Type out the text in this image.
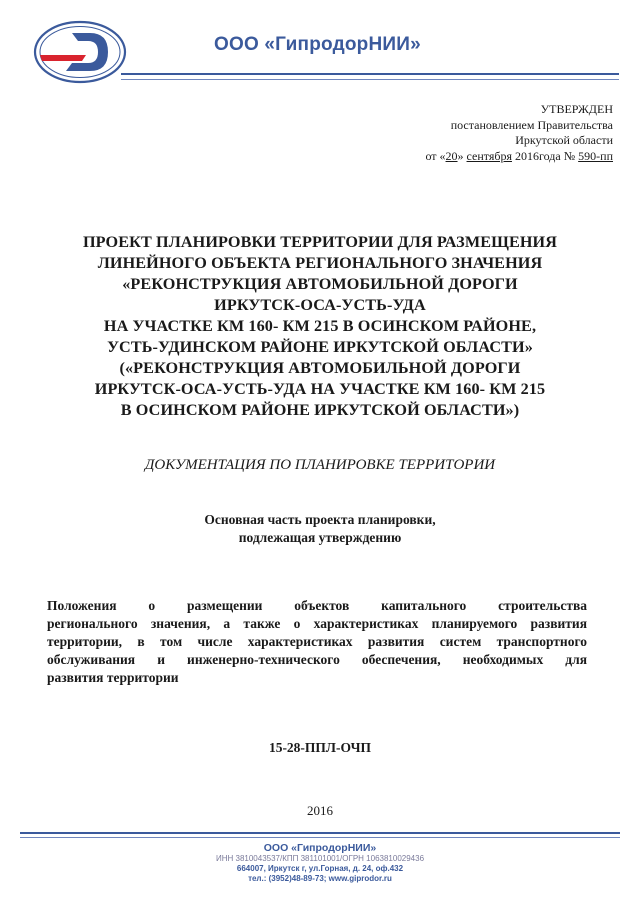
ООО «ГипродорНИИ»
УТВЕРЖДЕН
постановлением Правительства
Иркутской области
от «20» сентября 2016года № 590-пп
ПРОЕКТ ПЛАНИРОВКИ ТЕРРИТОРИИ ДЛЯ РАЗМЕЩЕНИЯ
ЛИНЕЙНОГО ОБЪЕКТА РЕГИОНАЛЬНОГО ЗНАЧЕНИЯ
«РЕКОНСТРУКЦИЯ АВТОМОБИЛЬНОЙ ДОРОГИ
ИРКУТСК-ОСА-УСТЬ-УДА
НА УЧАСТКЕ КМ 160- КМ 215 В ОСИНСКОМ РАЙОНЕ,
УСТЬ-УДИНСКОМ РАЙОНЕ ИРКУТСКОЙ ОБЛАСТИ»
(«РЕКОНСТРУКЦИЯ АВТОМОБИЛЬНОЙ ДОРОГИ
ИРКУТСК-ОСА-УСТЬ-УДА НА УЧАСТКЕ КМ 160- КМ 215
В ОСИНСКОМ РАЙОНЕ ИРКУТСКОЙ ОБЛАСТИ»)
ДОКУМЕНТАЦИЯ ПО ПЛАНИРОВКЕ ТЕРРИТОРИИ
Основная часть проекта планировки,
подлежащая утверждению
Положения о размещении объектов капитального строительства
регионального значения, а также о характеристиках планируемого развития
территории, в том числе характеристиках развития систем транспортного
обслуживания и инженерно-технического обеспечения, необходимых для
развития территории
15-28-ППЛ-ОЧП
2016
ООО «ГипродорНИИ»
ИНН 3810043537/КПП 381101001/ОГРН 1063810029436
664007, Иркутск г, ул.Горная, д. 24, оф.432
тел.: (3952)48-89-73; www.giprodor.ru
